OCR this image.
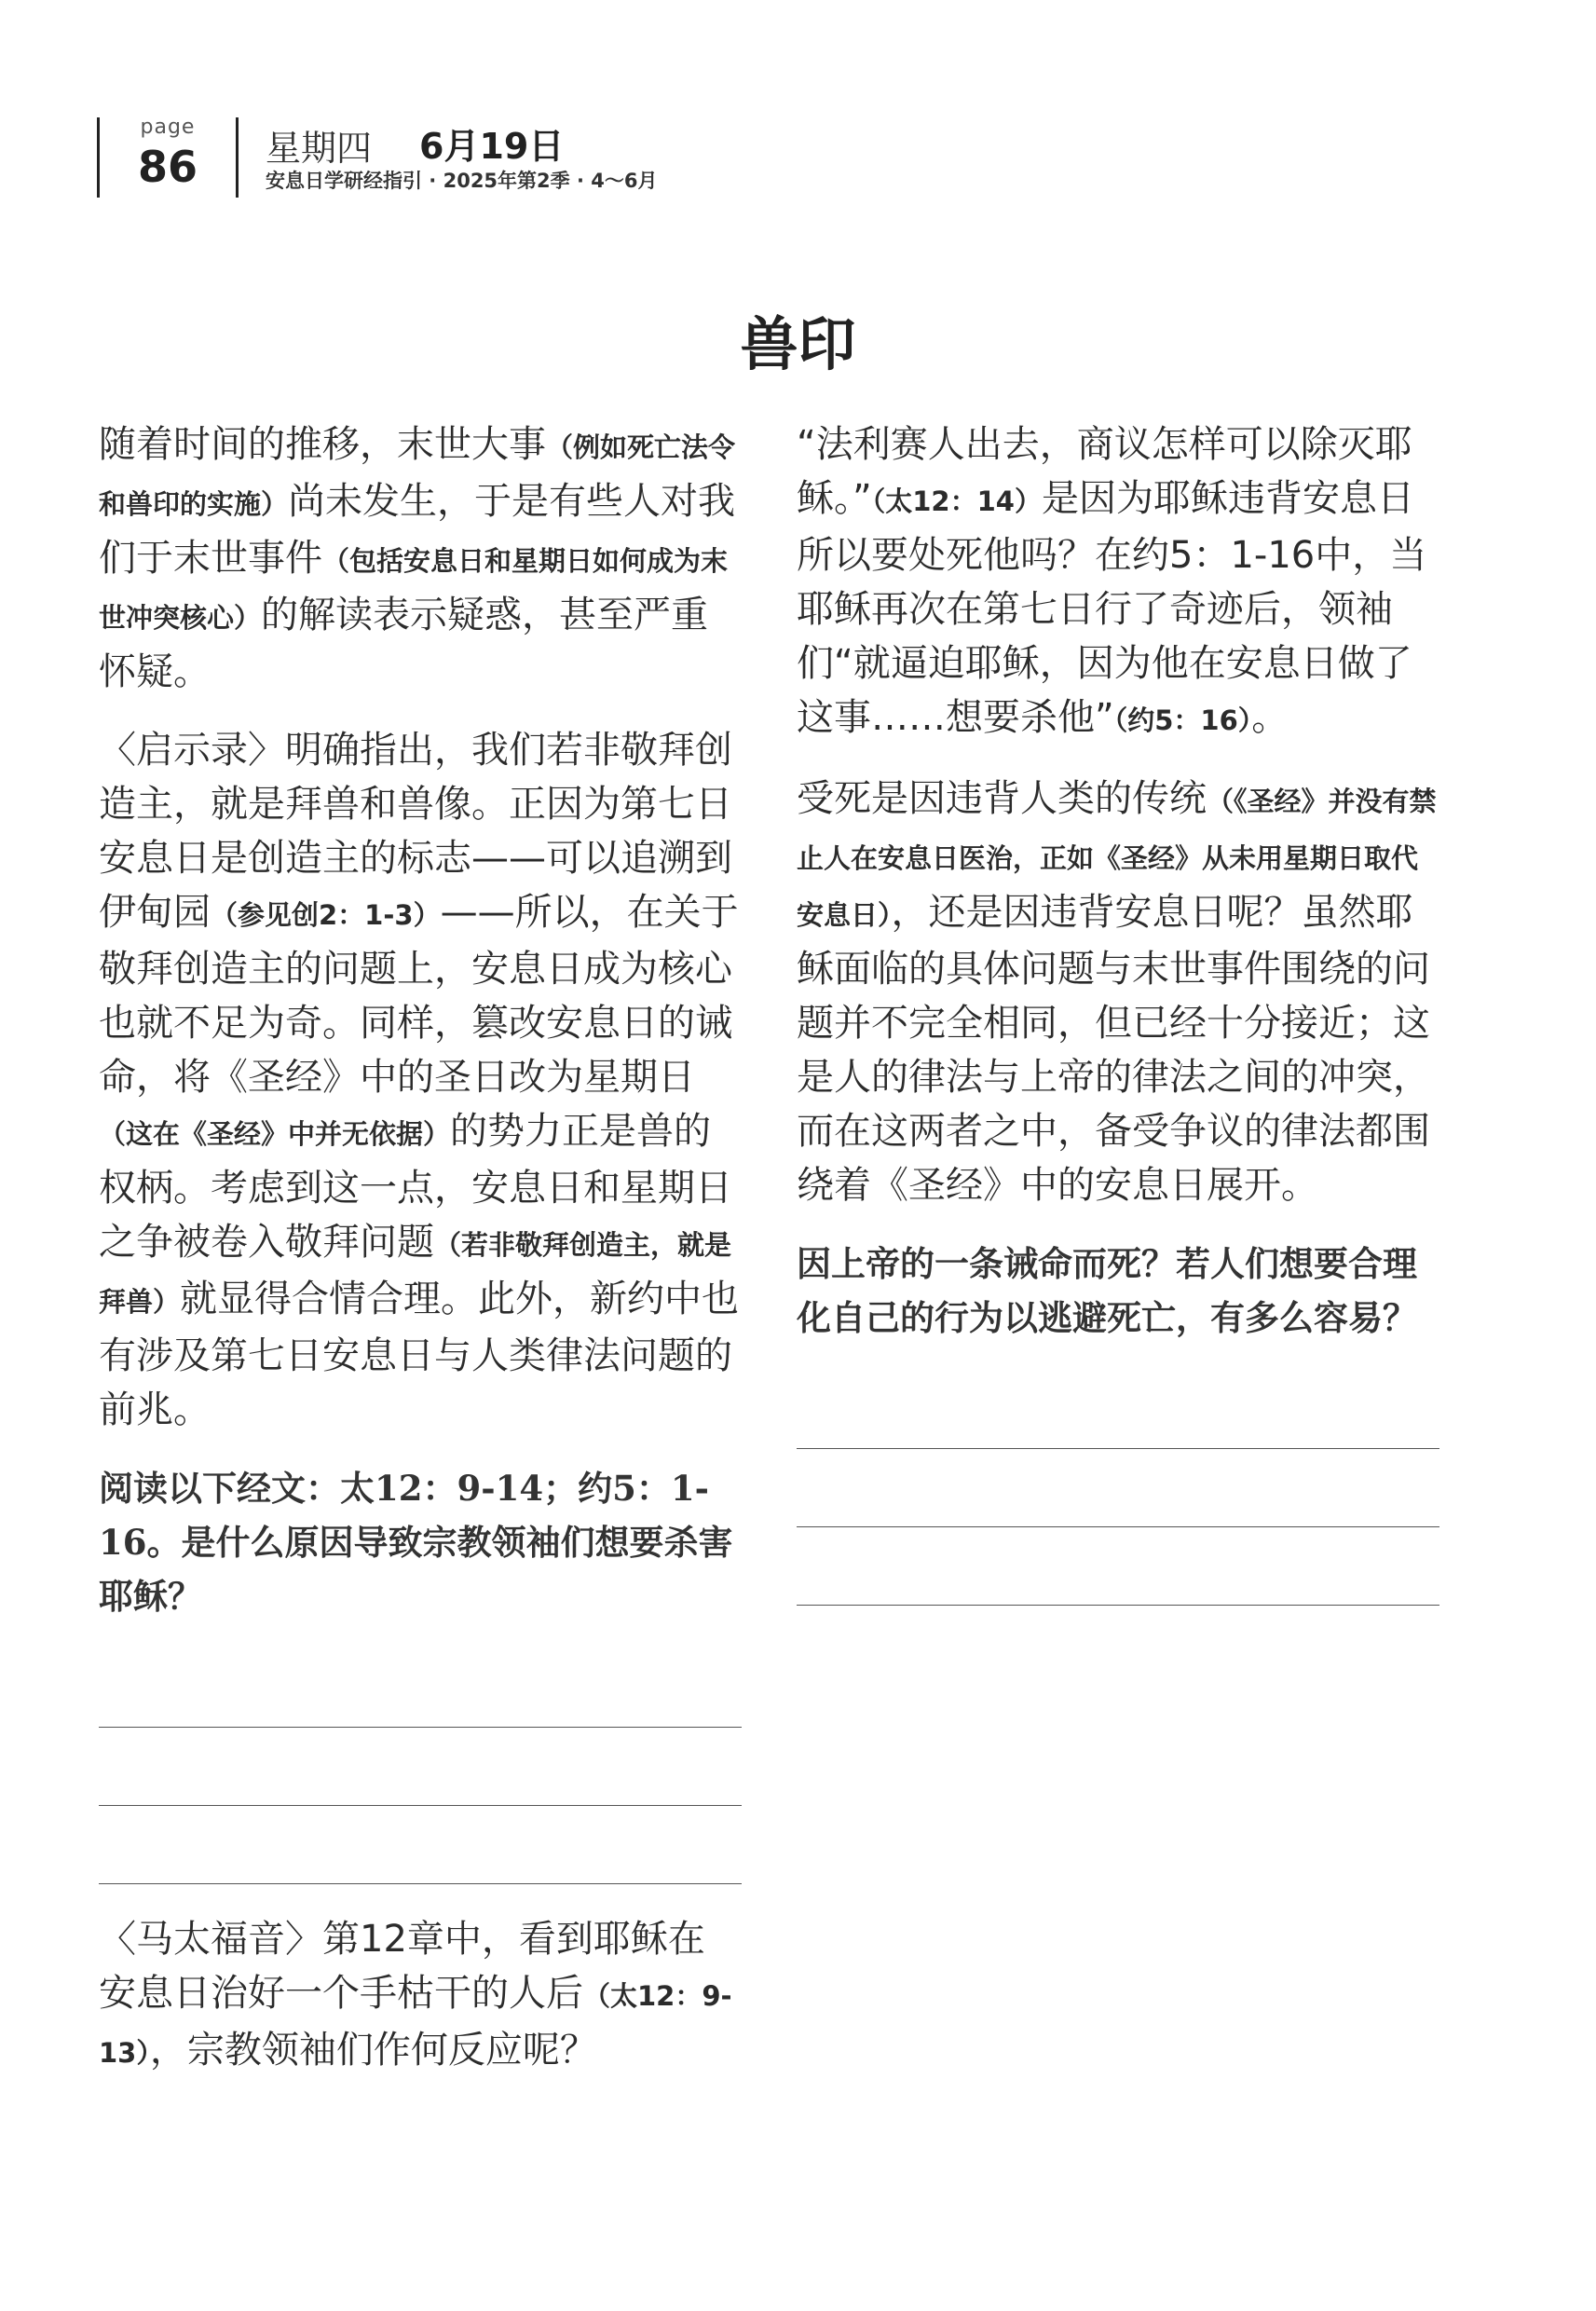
page
86 星期四 6月19日
安息日学研经指引 · 2025年第2季 · 4～6月
兽印

随着时间的推移，末世大事（例如死亡法令和兽印的实施）尚未发生，于是有些人对我们于末世事件（包括安息日和星期日如何成为末世冲突核心）的解读表示疑惑，甚至严重怀疑。

〈启示录〉明确指出，我们若非敬拜创造主，就是拜兽和兽像。正因为第七日安息日是创造主的标志——可以追溯到伊甸园（参见创2：1-3）——所以，在关于敬拜创造主的问题上，安息日成为核心也就不足为奇。同样，篡改安息日的诫命，将《圣经》中的圣日改为星期日（这在《圣经》中并无依据）的势力正是兽的权柄。考虑到这一点，安息日和星期日之争被卷入敬拜问题（若非敬拜创造主，就是拜兽）就显得合情合理。此外，新约中也有涉及第七日安息日与人类律法问题的前兆。

阅读以下经文：太12：9-14；约5：1-16。是什么原因导致宗教领袖们想要杀害耶稣？

〈马太福音〉第12章中，看到耶稣在安息日治好一个手枯干的人后（太12：9-13），宗教领袖们作何反应呢？

“法利赛人出去，商议怎样可以除灭耶稣。”（太12：14）是因为耶稣违背安息日所以要处死他吗？在约5：1-16中，当耶稣再次在第七日行了奇迹后，领袖们“就逼迫耶稣，因为他在安息日做了这事……想要杀他”（约5：16）。

受死是因违背人类的传统（《圣经》并没有禁止人在安息日医治，正如《圣经》从未用星期日取代安息日），还是因违背安息日呢？虽然耶稣面临的具体问题与末世事件围绕的问题并不完全相同，但已经十分接近；这是人的律法与上帝的律法之间的冲突，而在这两者之中，备受争议的律法都围绕着《圣经》中的安息日展开。

因上帝的一条诫命而死？若人们想要合理化自己的行为以逃避死亡，有多么容易？
